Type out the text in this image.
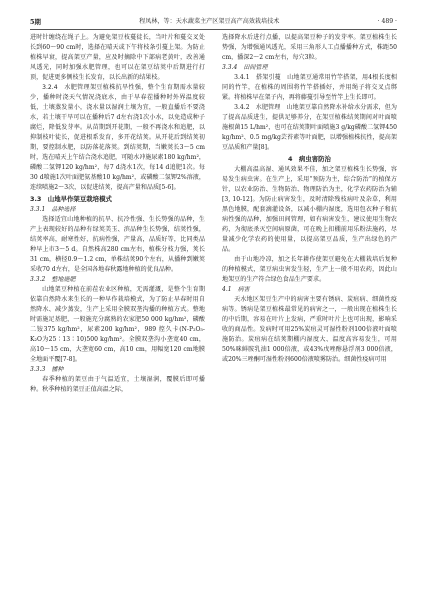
5期	程凤林，等：天水蔬菜主产区架豆高产高效栽培技术	· 489 ·

进时针缠绕在绳子上。为避免架豆枝蔓徒长，当叶片和蔓交叉处长到60～90 cm时，选择在晴天或下午将枝条引蔓上架。为防止植株早衰，提高架豆产量，应及时摘除中下部病老黄叶，改善通风透光，同时加强水肥管理，也可以在架豆结荚中后期进行打顶，促进更多侧枝生长发育，以长出新的结果枝。

3.2.4　水肥管理架豆植株抗旱性强，整个生育期需水量较少，播种时浇天气情况浇底水，由于早春茬播种时外界温度较低，土壤蒸发量小，浇水量以湿润土壤为宜，一般直播后不要浇水，若土壤干旱可以在播种后7 d左右浇1次小水，以免造成种子腐烂，降低发芽率。从苗期到开花期，一般不再浇水和追肥，以抑制枝叶徒长，促进根系发育，多开花结荚。从开花后到结荚初期，要控制水肥，以防落花落荚。到结荚期，当嫩荚长3～5 cm时，选在晴天上午结合浇水追肥，可随水冲施尿素180 kg/hm²，磷酸二氢钾120 kg/hm²，每7 d浇水1次，每14 d追肥1次。每30 d喷施1次叶面肥氨基酸10 kg/hm²，或磷酸二氢钾2%溶液，连续喷施2～3次，以促进结荚，提高产量和品质[5-6]。

3.3　山地早作架豆栽培模式
3.3.1　品种选择

选择适宜山地种植的抗旱、抗冷性强、生长势强的品种，生产上表现较好的品种有绿荚美玉、滨品种生长势强，结荚性强，结荚率高，耐寒性好，抗病性强，产量高，品质好等，比同类品种早上市3～5 d。自然株高280 cm左右，植株分枝力强，荚长31 cm，横径0.9～1.2 cm，单株结荚90个左右，从播种到嫩荚采收70 d左右，是全国各地春秋露地种植的优良品种。

3.3.2　整地施肥

山地架豆种植在前茬农业区种植，无需灌溉，是整个生育期依靠自然降水来生长的一种早作栽培模式，为了防止早春时用自然降水、减少蒸发，生产上采用全膜双垄沟播的种植方式。整地时需施足基肥，一般施充分腐熟的农家肥50 000 kg/hm²，磷酸二铵375 kg/hm²，尿素200 kg/hm²，989 控久卡(N-P₂O₅-K₂O为25∶13∶10)500 kg/hm²。全膜双垄沟小垄宽40 cm，高10～15 cm，大垄宽60 cm，高10 cm，用幅宽120 cm地膜全地面平覆[7-8]。

3.3.3　播种

春季种植的架豆由于气温适宜，土壤湿润，覆膜后即可播种。秋季种植的架豆正值高温之际，

选择降水后进行点播，以提高架豆种子的发芽率。架豆植株生长势强，为增强通风透光，采用三角形人工点播播种方式，株距50 cm，播深2～2 cm左右，每穴3粒。

3.3.4　田间管理

3.4.1　搭架引蔓　山地架豆通常用竹竿搭架，用4根长度相同的竹竿，在植株的周围将竹竿搭插好，并用绳子将交叉点绑紧。将植株早在架子内，再将藤蔓引导至竹竿上生长即可。

3.4.2　水肥管理　山地架豆靠自然降水补给水分需求，但为了提高品质进生，提供足够养分，在架豆植株结荚期间对叶面喷施根菌15 L/hm²，也可在结荚期叶面喷施3 g/kg磷酸二氢钾450 kg/hm²、0.5 mg/kg芸苔素等叶面肥，以增强植株抗性，提高架豆品质和产量[8]。

4　病虫害防治

大棚高温高湿、通风效果不佳，加之架豆植株生长势强，容易发生病虫害。在生产上，采用“预防为主，综合防治”的植保方针，以农业防治、生物防治、物理防治为主，化学农药防治为辅[3, 10-12]。为防止病害发生，及时清除残枝病叶及杂草，利用黑色地膜，配套滴灌设备，以减小棚内湿度，选用包衣种子和抗病性强的品种，加强田间管理，如有病害发生，建议使用生物农药，为彻底杀灭空间病原菌，可在晚上扣棚前用乐粉法施药，尽量减少化学农药的使用量，以提高架豆品质，生产出绿色的产品。

由于山地冷凉，加之长年耕作使架豆避免在大棚栽培后复种的种植模式，架豆病虫害发生轻，生产上一般不用农药，因此山地架豆的生产符合绿色食品生产要求。

4.1　病害

天水地区架豆生产中的病害主要有锈病、炭疽病、细菌性疫病等。锈病是架豆植株最常见的病害之一，一般出现在植株生长的中后期，容易在叶片上发病，严重时叶片上也可出现，影响采收的商品性。发病时可用25%炭疽灵可湿性粉剂100倍液叶面喷施防治。炭疽病在结荚期棚内湿度大、温度高容易发生，可用50%咪鲜胺乳油1 000倍液，或43%戊唑醇悬浮剂3 000倍液，或20%三唑酮可湿性粉剂600倍液喷雾防治。细菌性疫病可用
